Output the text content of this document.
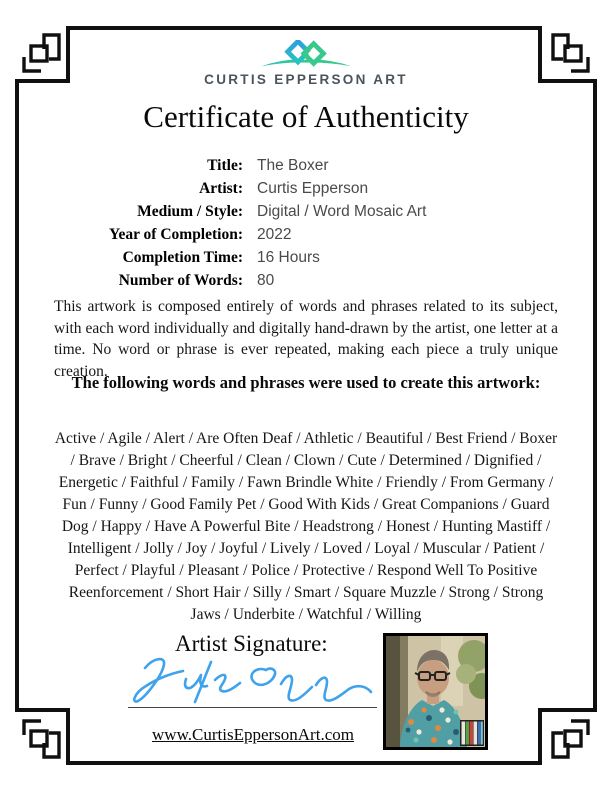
CURTIS EPPERSON ART
Certificate of Authenticity
Title: The Boxer
Artist: Curtis Epperson
Medium / Style: Digital / Word Mosaic Art
Year of Completion: 2022
Completion Time: 16 Hours
Number of Words: 80
This artwork is composed entirely of words and phrases related to its subject, with each word individually and digitally hand-drawn by the artist, one letter at a time. No word or phrase is ever repeated, making each piece a truly unique creation.
The following words and phrases were used to create this artwork:
Active / Agile / Alert / Are Often Deaf / Athletic / Beautiful / Best Friend / Boxer / Brave / Bright / Cheerful / Clean / Clown / Cute / Determined / Dignified / Energetic / Faithful / Family / Fawn Brindle White / Friendly / From Germany / Fun / Funny / Good Family Pet / Good With Kids / Great Companions / Guard Dog / Happy / Have A Powerful Bite / Headstrong / Honest / Hunting Mastiff / Intelligent / Jolly / Joy / Joyful / Lively / Loved / Loyal / Muscular / Patient / Perfect / Playful / Pleasant / Police / Protective / Respond Well To Positive Reenforcement / Short Hair / Silly / Smart / Square Muzzle / Strong / Strong Jaws / Underbite / Watchful / Willing
Artist Signature:
www.CurtisEppersonArt.com
